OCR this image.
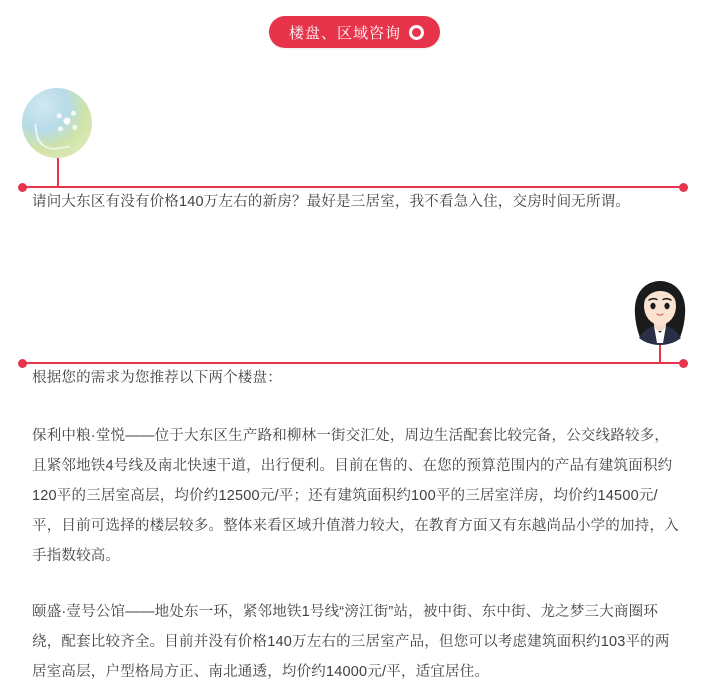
楼盘、区域咨询

请问大东区有没有价格140万左右的新房？最好是三居室，我不看急入住，交房时间无所谓。

根据您的需求为您推荐以下两个楼盘：

保利中粮·堂悦——位于大东区生产路和柳林一街交汇处，周边生活配套比较完备，公交线路较多，且紧邻地铁4号线及南北快速干道，出行便利。目前在售的、在您的预算范围内的产品有建筑面积约120平的三居室高层，均价约12500元/平；还有建筑面积约100平的三居室洋房，均价约14500元/平，目前可选择的楼层较多。整体来看区域升值潜力较大，在教育方面又有东越尚品小学的加持，入手指数较高。

颐盛·壹号公馆——地处东一环，紧邻地铁1号线“滂江街”站，被中街、东中街、龙之梦三大商圈环绕，配套比较齐全。目前并没有价格140万左右的三居室产品，但您可以考虑建筑面积约103平的两居室高层，户型格局方正、南北通透，均价约14000元/平，适宜居住。
